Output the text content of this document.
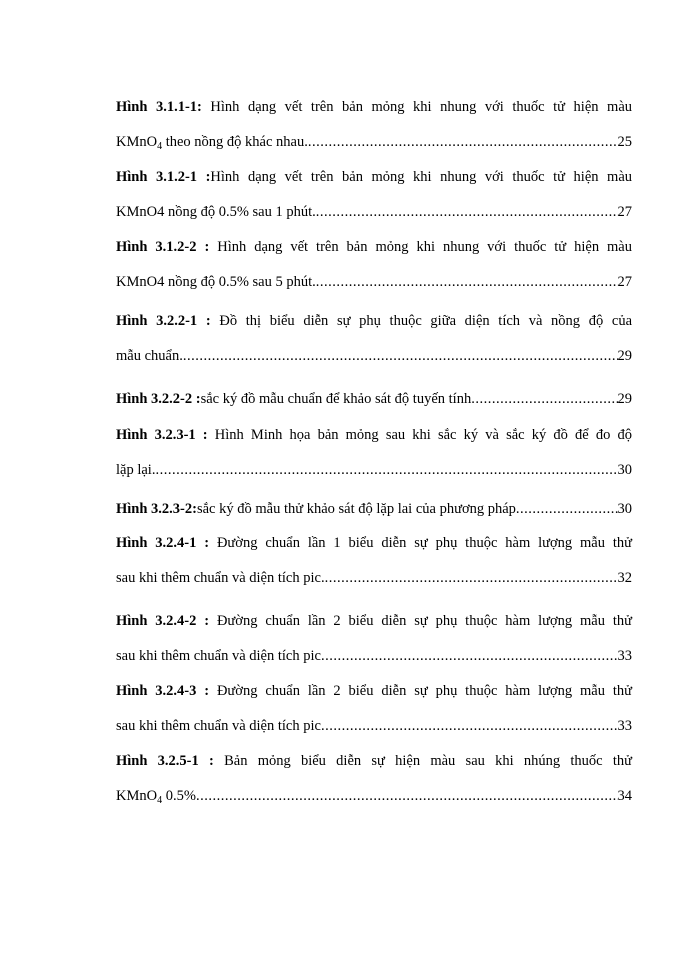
Hình 3.1.1-1: Hình dạng vết trên bản mỏng khi nhung với thuốc tử hiện màu
KMnO$_4$ theo nồng độ khác nhau. .....	25
Hình 3.1.2-1 :Hình dạng vết trên bản mỏng khi nhung với thuốc tử hiện màu
KMnO4 nồng độ 0.5% sau 1 phút. .....	27
Hình 3.1.2-2 : Hình dạng vết trên bản mỏng khi nhung với thuốc tử hiện màu
KMnO4 nồng độ 0.5% sau 5 phút. .....	27
Hình 3.2.2-1 : Đồ thị biểu diễn sự phụ thuộc giữa diện tích và nồng độ của
mẫu chuẩn. .....	29
Hình 3.2.2-2 : sắc ký đồ mẫu chuẩn để khảo sát độ tuyến tính .....	29
Hình 3.2.3-1 : Hình Minh họa bản mỏng sau khi sắc ký và sắc ký đồ để đo độ
lặp lại. .....	30
Hình 3.2.3-2: sắc ký đồ mẫu thử khảo sát độ lặp lai của phương pháp .....	30
Hình 3.2.4-1 : Đường chuẩn lần 1 biểu diễn sự phụ thuộc hàm lượng mẫu thử
sau khi thêm chuẩn và diện tích pic. .....	32
Hình 3.2.4-2 : Đường chuẩn lần 2 biểu diễn sự phụ thuộc hàm lượng mẫu thử
sau khi thêm chuẩn và diện tích pic .....	33
Hình 3.2.4-3 : Đường chuẩn lần 2 biểu diễn sự phụ thuộc hàm lượng mẫu thử
sau khi thêm chuẩn và diện tích pic .....	33
Hình 3.2.5-1 : Bản mỏng biểu diễn sự hiện màu sau khi nhúng thuốc thử
KMnO$_4$ 0.5% .....	34
